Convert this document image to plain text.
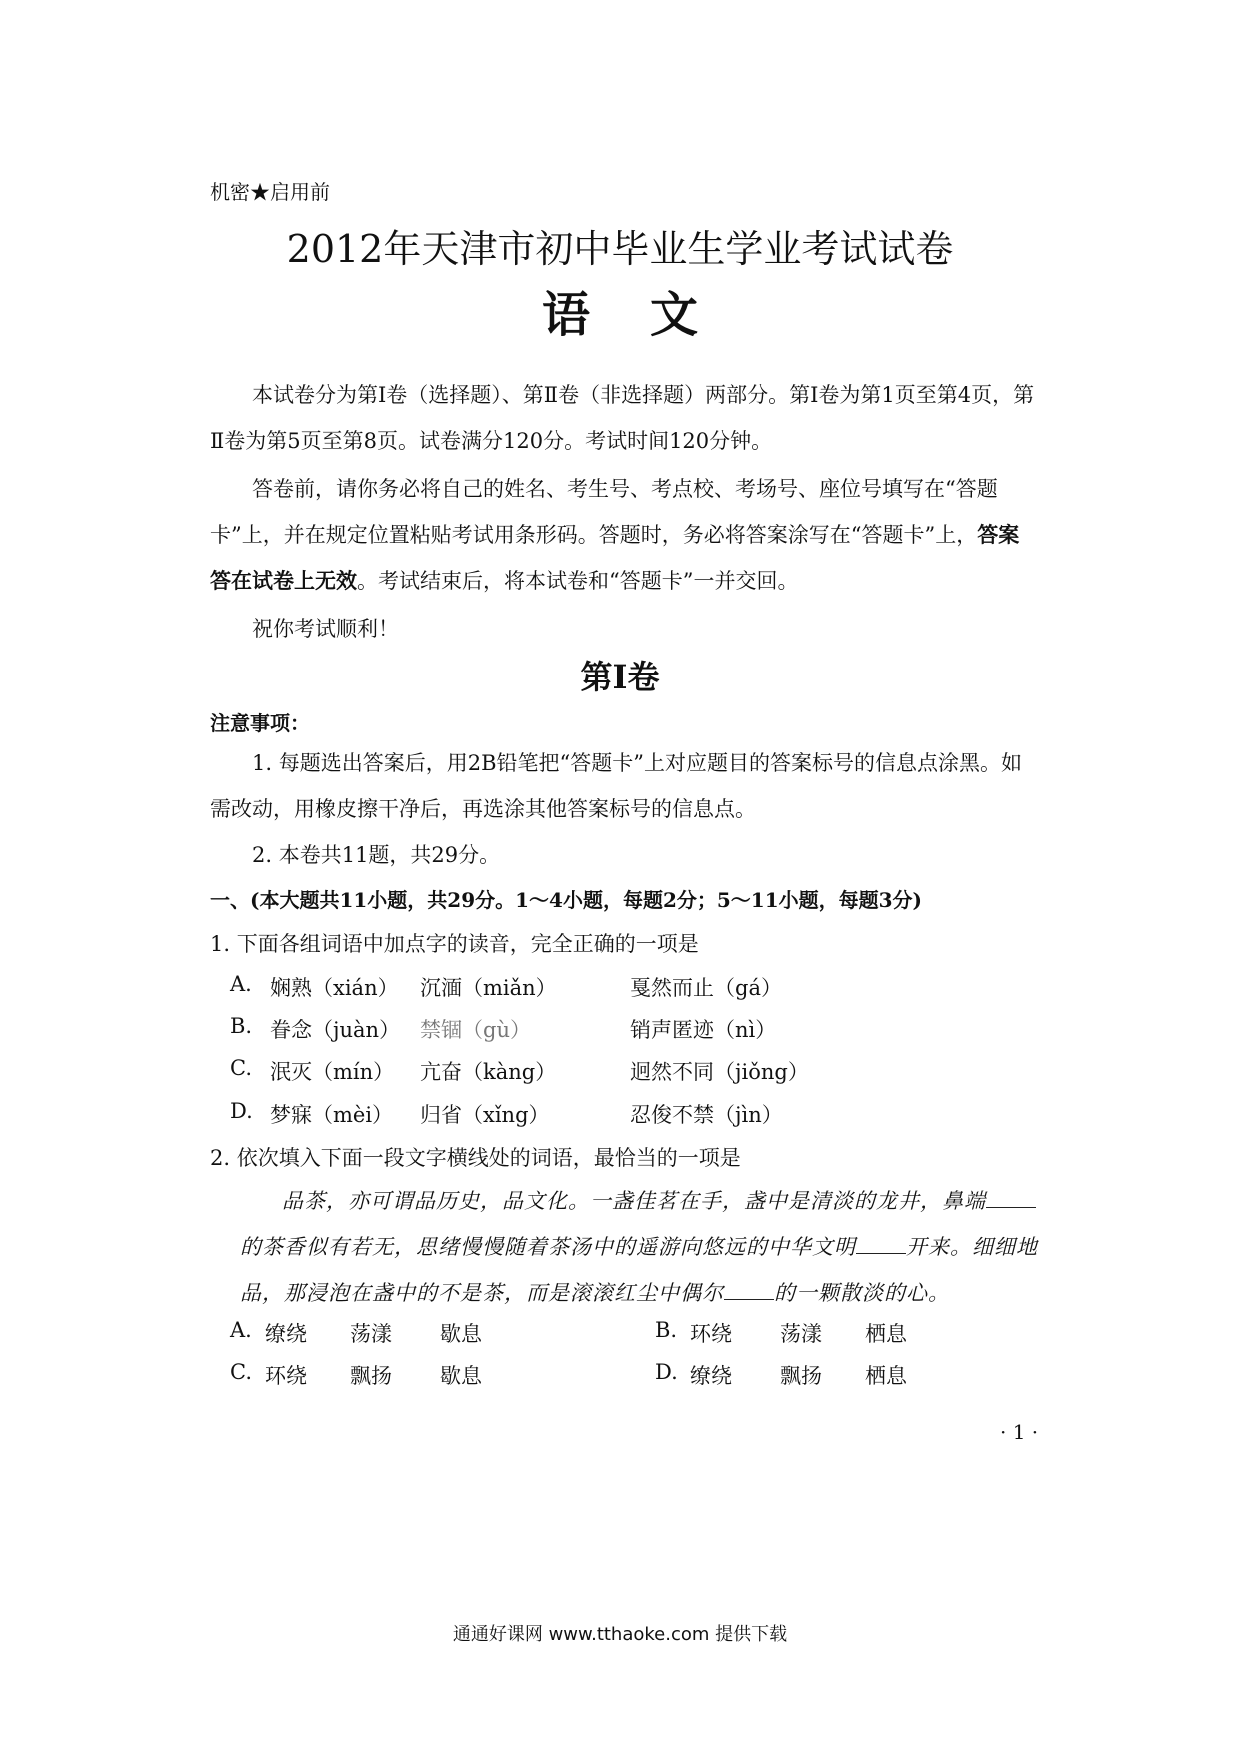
机密★启用前
2012年天津市初中毕业生学业考试试卷
语文
本试卷分为第Ⅰ卷（选择题）、第Ⅱ卷（非选择题）两部分。第Ⅰ卷为第1页至第4页，第Ⅱ卷为第5页至第8页。试卷满分120分。考试时间120分钟。
答卷前，请你务必将自己的姓名、考生号、考点校、考场号、座位号填写在“答题卡”上，并在规定位置粘贴考试用条形码。答题时，务必将答案涂写在“答题卡”上，答案答在试卷上无效。考试结束后，将本试卷和“答题卡”一并交回。
祝你考试顺利！
第Ⅰ卷
注意事项：
1. 每题选出答案后，用2B铅笔把“答题卡”上对应题目的答案标号的信息点涂黑。如需改动，用橡皮擦干净后，再选涂其他答案标号的信息点。
2. 本卷共11题，共29分。
一、(本大题共11小题，共29分。1～4小题，每题2分；5～11小题，每题3分)
1. 下面各组词语中加点字的读音，完全正确的一项是
A. 娴熟（xián） 沉湎（miǎn）	戛然而止（gá）
B. 眷念（juàn） 禁锢（gù）	销声匿迹（nì）
C. 泯灭（mín） 亢奋（kàng）	迥然不同（jiǒng）
D. 梦寐（mèi） 归省（xǐng）	忍俊不禁（jìn）
2. 依次填入下面一段文字横线处的词语，最恰当的一项是
品茶，亦可谓品历史，品文化。一盏佳茗在手，盏中是清淡的龙井，鼻端的茶香似有若无，思绪慢慢随着茶汤中的遥游向悠远的中华文明 开来。细细地品，那浸泡在盏中的不是茶，而是滚滚红尘中偶尔 的一颗散淡的心。
A. 缭绕 荡漾 歇息	B. 环绕 荡漾 栖息
C. 环绕 飘扬 歇息	D. 缭绕 飘扬 栖息
· 1 ·
通通好课网 www.tthaoke.com 提供下载
